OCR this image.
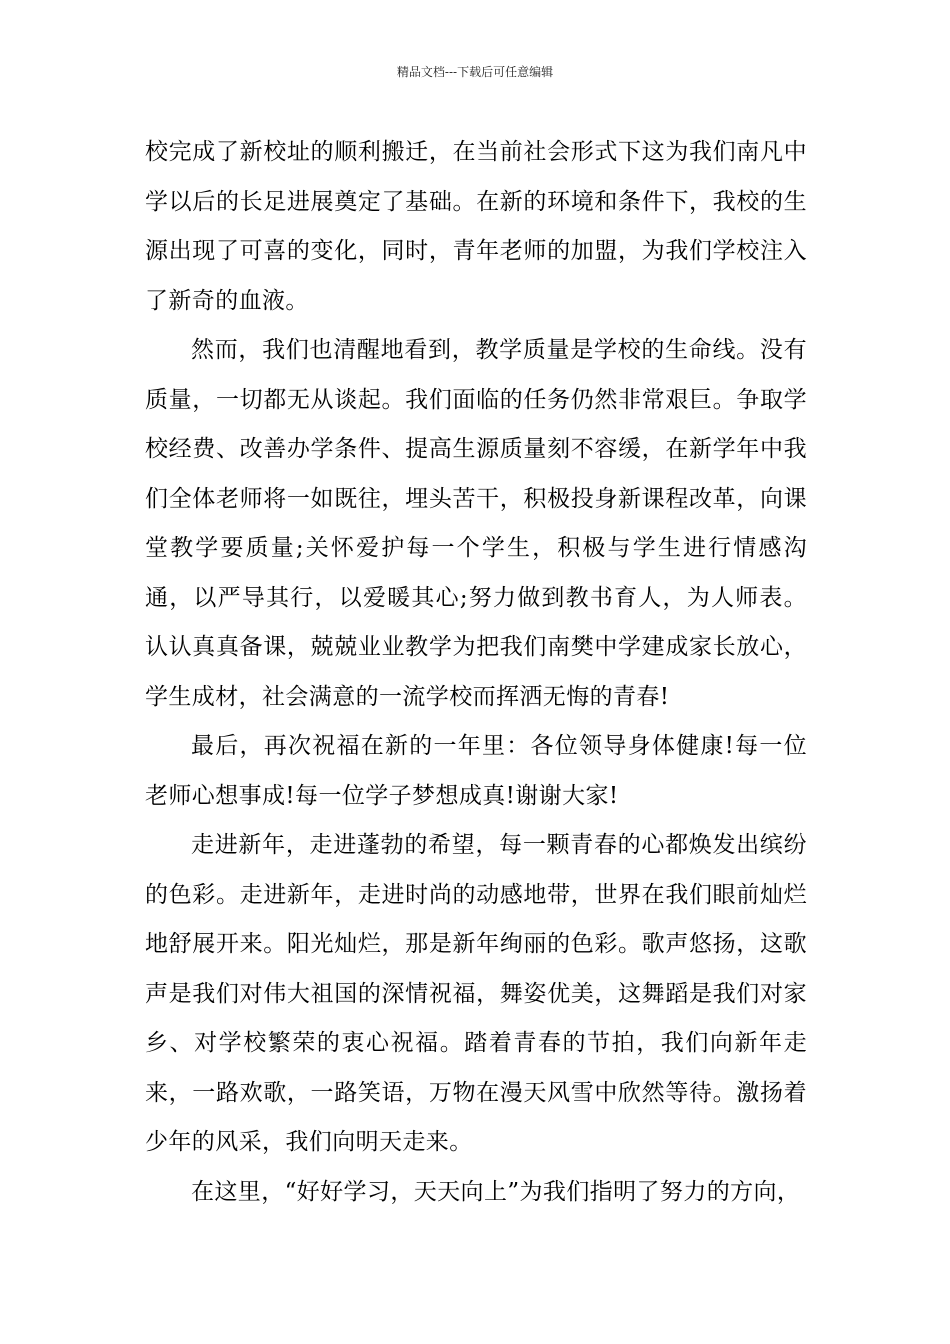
精品文档---下载后可任意编辑

校完成了新校址的顺利搬迁，在当前社会形式下这为我们南凡中学以后的长足进展奠定了基础。在新的环境和条件下，我校的生源出现了可喜的变化，同时，青年老师的加盟，为我们学校注入了新奇的血液。

然而，我们也清醒地看到，教学质量是学校的生命线。没有质量，一切都无从谈起。我们面临的任务仍然非常艰巨。争取学校经费、改善办学条件、提高生源质量刻不容缓，在新学年中我们全体老师将一如既往，埋头苦干，积极投身新课程改革，向课堂教学要质量;关怀爱护每一个学生，积极与学生进行情感沟通，以严导其行，以爱暖其心;努力做到教书育人，为人师表。认认真真备课，兢兢业业教学为把我们南樊中学建成家长放心，学生成材，社会满意的一流学校而挥洒无悔的青春!

最后，再次祝福在新的一年里：各位领导身体健康!每一位老师心想事成!每一位学子梦想成真!谢谢大家!

走进新年，走进蓬勃的希望，每一颗青春的心都焕发出缤纷的色彩。走进新年，走进时尚的动感地带，世界在我们眼前灿烂地舒展开来。阳光灿烂，那是新年绚丽的色彩。歌声悠扬，这歌声是我们对伟大祖国的深情祝福，舞姿优美，这舞蹈是我们对家乡、对学校繁荣的衷心祝福。踏着青春的节拍，我们向新年走来，一路欢歌，一路笑语，万物在漫天风雪中欣然等待。激扬着少年的风采，我们向明天走来。

在这里，“好好学习，天天向上”为我们指明了努力的方向，
